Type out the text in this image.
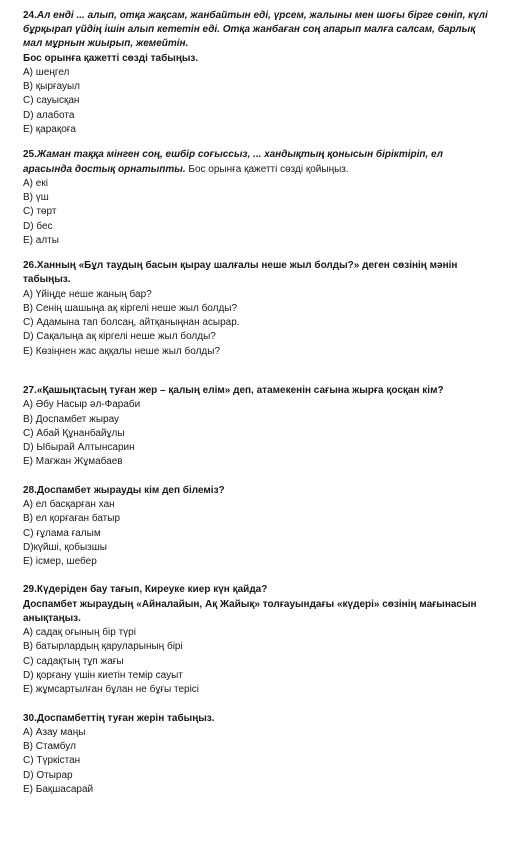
24.Ал енді ... алып, отқа жақсам, жанбайтын еді, үрсем, жалыны мен шоғы бірге сөніп, күлі бұрқырап үйдің ішін алып кететін еді. Отқа жанбаған соң апарып малға салсам, барлық мал мұрнын жиырып, жемейтін.

Бос орынға қажетті сөзді табыңыз.

A) шеңгел
B) қырғауыл
C) сауысқан
D) алабота
E) қарақоға

25.Жаман таққа мінген соң, ешбір соғыссыз, ... хандықтың қонысын біріктіріп, ел арасында достық орнатыпты. Бос орынға қажетті сөзді қойыңыз.

A) екі
B) үш
C) төрт
D) бес
E) алты

26.Ханның «Бұл таудың басын қырау шалғалы неше жыл болды?» деген сөзінің мәнін табыңыз.

A) Үйіңде неше жаның бар?
B) Сенің шашыңа ақ кіргелі неше жыл болды?
C) Адамына тап болсаң, айтқаныңнан асырар.
D) Сақалыңа ақ кіргелі неше жыл болды?
E) Көзіңнен жас аққалы неше жыл болды?

27.«Қашықтасың туған жер – қалың елім» деп, атамекенін сағына жырға қосқан кім?

A) Әбу Насыр әл-Фараби
B) Доспамбет жырау
C) Абай Құнанбайұлы
D) Ыбырай Алтынсарин
E) Мағжан Жұмабаев

28.Доспамбет жырауды кім деп білеміз?

A) ел басқарған хан
B) ел қорғаған батыр
C) ғұлама ғалым
D)күйші, қобызшы
E) ісмер, шебер

29.Күдеріден бау тағып, Киреуке киер күн қайда?

Доспамбет жыраудың «Айналайын, Ақ Жайық» толғауындағы «күдері» сөзінің мағынасын анықтаңыз.

A) садақ оғының бір түрі
B) батырлардың қаруларының бірі
C) садақтың тұп жағы
D) қорғану үшін киетін темір сауыт
E) жұмсартылған бұлан не бұғы терісі

30.Доспамбеттің туған жерін табыңыз.

A) Азау маңы
B) Стамбул
C) Түркістан
D) Отырар
E) Бақшасарай
